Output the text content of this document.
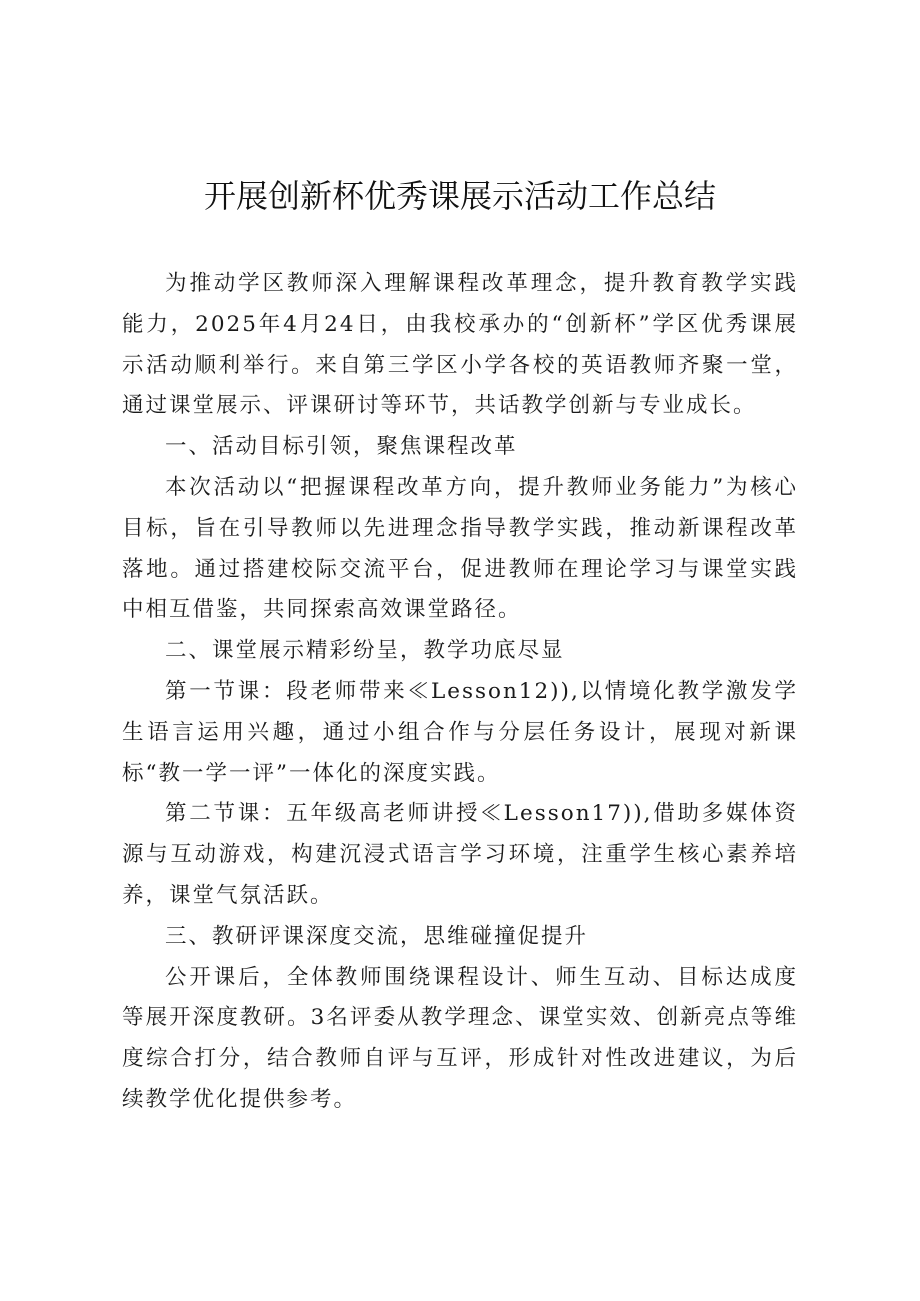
开展创新杯优秀课展示活动工作总结

为推动学区教师深入理解课程改革理念，提升教育教学实践能力，2025年4月24日，由我校承办的“创新杯”学区优秀课展示活动顺利举行。来自第三学区小学各校的英语教师齐聚一堂，通过课堂展示、评课研讨等环节，共话教学创新与专业成长。

一、活动目标引领，聚焦课程改革

本次活动以“把握课程改革方向，提升教师业务能力”为核心目标，旨在引导教师以先进理念指导教学实践，推动新课程改革落地。通过搭建校际交流平台，促进教师在理论学习与课堂实践中相互借鉴，共同探索高效课堂路径。

二、课堂展示精彩纷呈，教学功底尽显

第一节课：段老师带来≪Lesson12)),以情境化教学激发学生语言运用兴趣，通过小组合作与分层任务设计，展现对新课标“教一学一评”一体化的深度实践。

第二节课：五年级高老师讲授≪Lesson17)),借助多媒体资源与互动游戏，构建沉浸式语言学习环境，注重学生核心素养培养，课堂气氛活跃。

三、教研评课深度交流，思维碰撞促提升

公开课后，全体教师围绕课程设计、师生互动、目标达成度等展开深度教研。3名评委从教学理念、课堂实效、创新亮点等维度综合打分，结合教师自评与互评，形成针对性改进建议，为后续教学优化提供参考。
